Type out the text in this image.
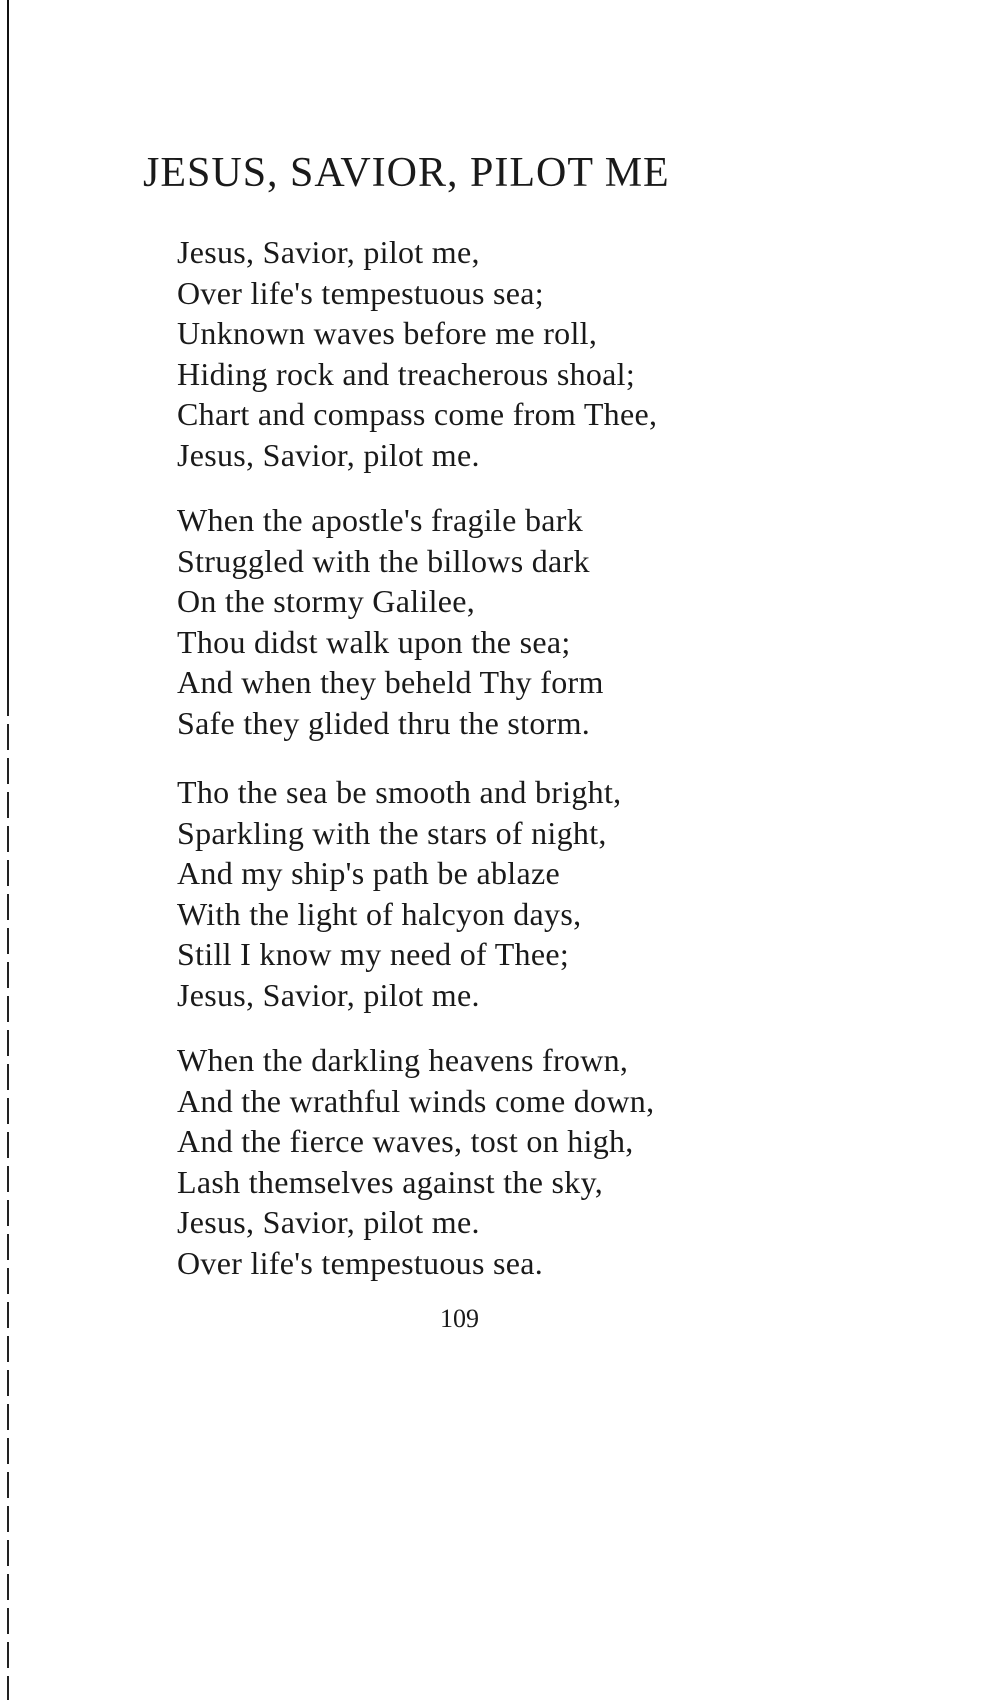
JESUS, SAVIOR, PILOT ME
Jesus, Savior, pilot me,
Over life's tempestuous sea;
Unknown waves before me roll,
Hiding rock and treacherous shoal;
Chart and compass come from Thee,
Jesus, Savior, pilot me.
When the apostle's fragile bark
Struggled with the billows dark
On the stormy Galilee,
Thou didst walk upon the sea;
And when they beheld Thy form
Safe they glided thru the storm.
Tho the sea be smooth and bright,
Sparkling with the stars of night,
And my ship's path be ablaze
With the light of halcyon days,
Still I know my need of Thee;
Jesus, Savior, pilot me.
When the darkling heavens frown,
And the wrathful winds come down,
And the fierce waves, tost on high,
Lash themselves against the sky,
Jesus, Savior, pilot me.
Over life's tempestuous sea.
109
